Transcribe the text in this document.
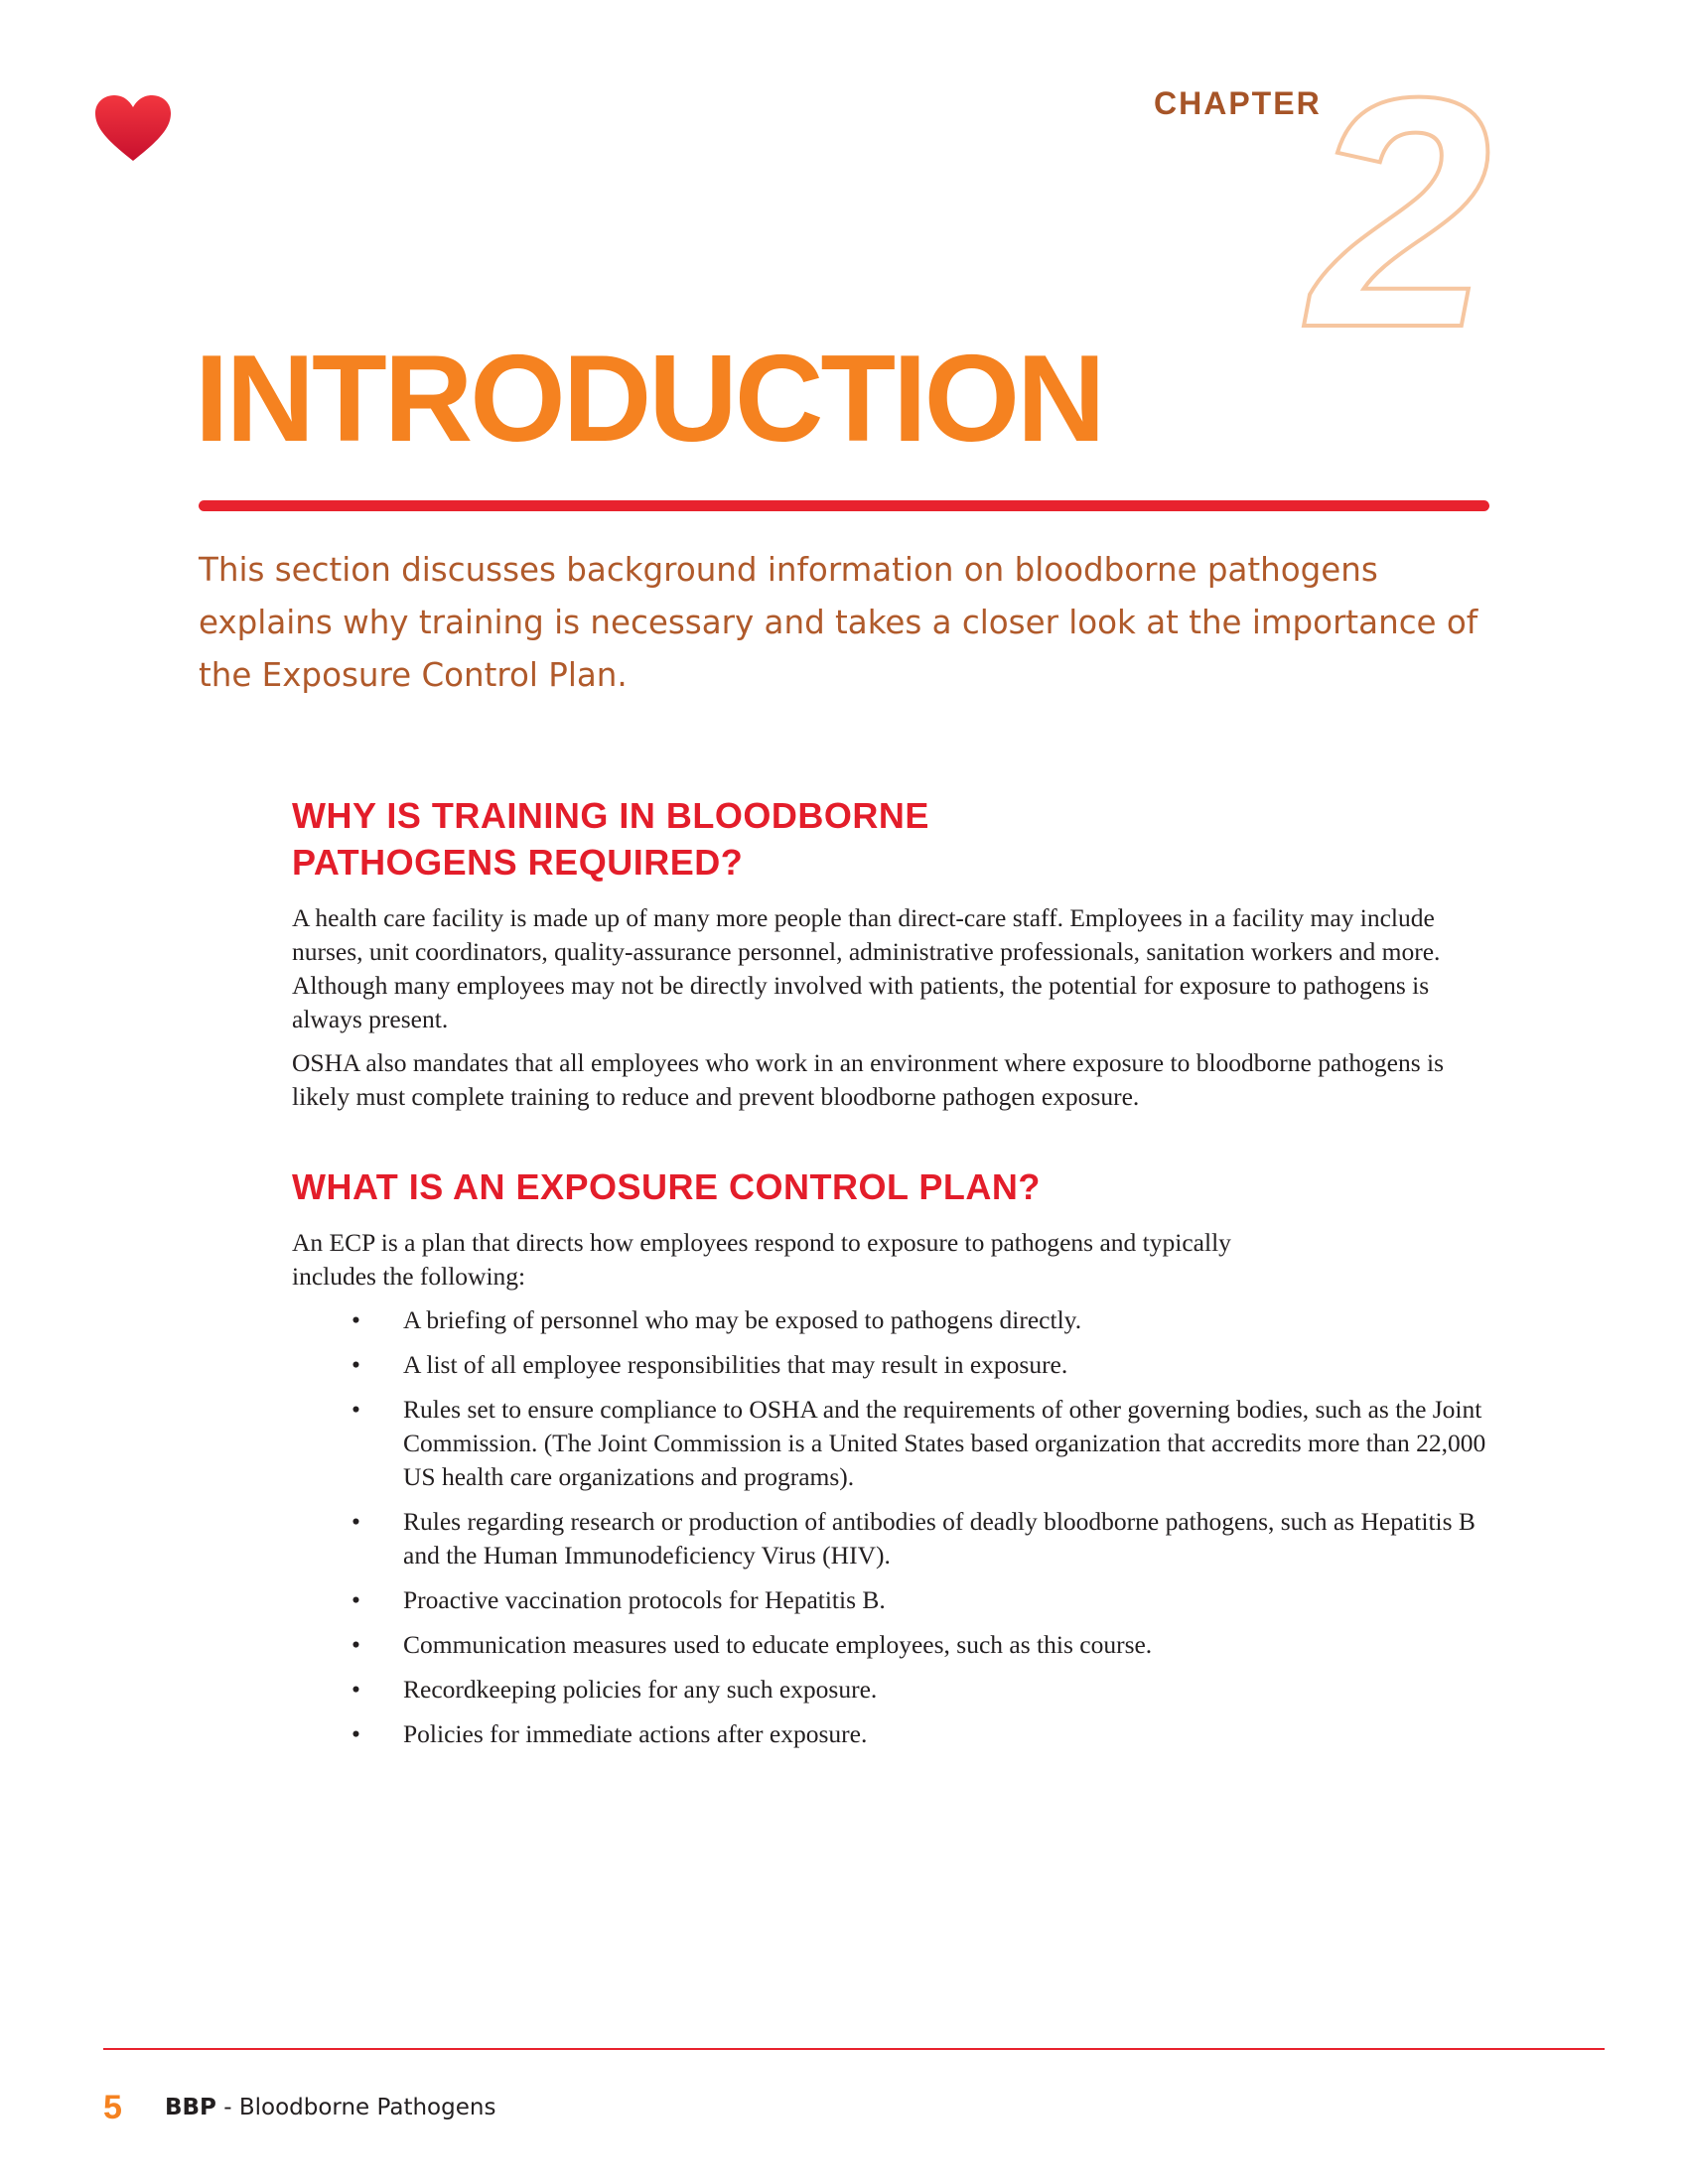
CHAPTER
2
INTRODUCTION

This section discusses background information on bloodborne pathogens explains why training is necessary and takes a closer look at the importance of the Exposure Control Plan.

WHY IS TRAINING IN BLOODBORNE PATHOGENS REQUIRED?

A health care facility is made up of many more people than direct-care staff. Employees in a facility may include nurses, unit coordinators, quality-assurance personnel, administrative professionals, sanitation workers and more. Although many employees may not be directly involved with patients, the potential for exposure to pathogens is always present.

OSHA also mandates that all employees who work in an environment where exposure to bloodborne pathogens is likely must complete training to reduce and prevent bloodborne pathogen exposure.

WHAT IS AN EXPOSURE CONTROL PLAN?

An ECP is a plan that directs how employees respond to exposure to pathogens and typically includes the following:

• A briefing of personnel who may be exposed to pathogens directly.
• A list of all employee responsibilities that may result in exposure.
• Rules set to ensure compliance to OSHA and the requirements of other governing bodies, such as the Joint Commission. (The Joint Commission is a United States based organization that accredits more than 22,000 US health care organizations and programs).
• Rules regarding research or production of antibodies of deadly bloodborne pathogens, such as Hepatitis B and the Human Immunodeficiency Virus (HIV).
• Proactive vaccination protocols for Hepatitis B.
• Communication measures used to educate employees, such as this course.
• Recordkeeping policies for any such exposure.
• Policies for immediate actions after exposure.
5 BBP - Bloodborne Pathogens
